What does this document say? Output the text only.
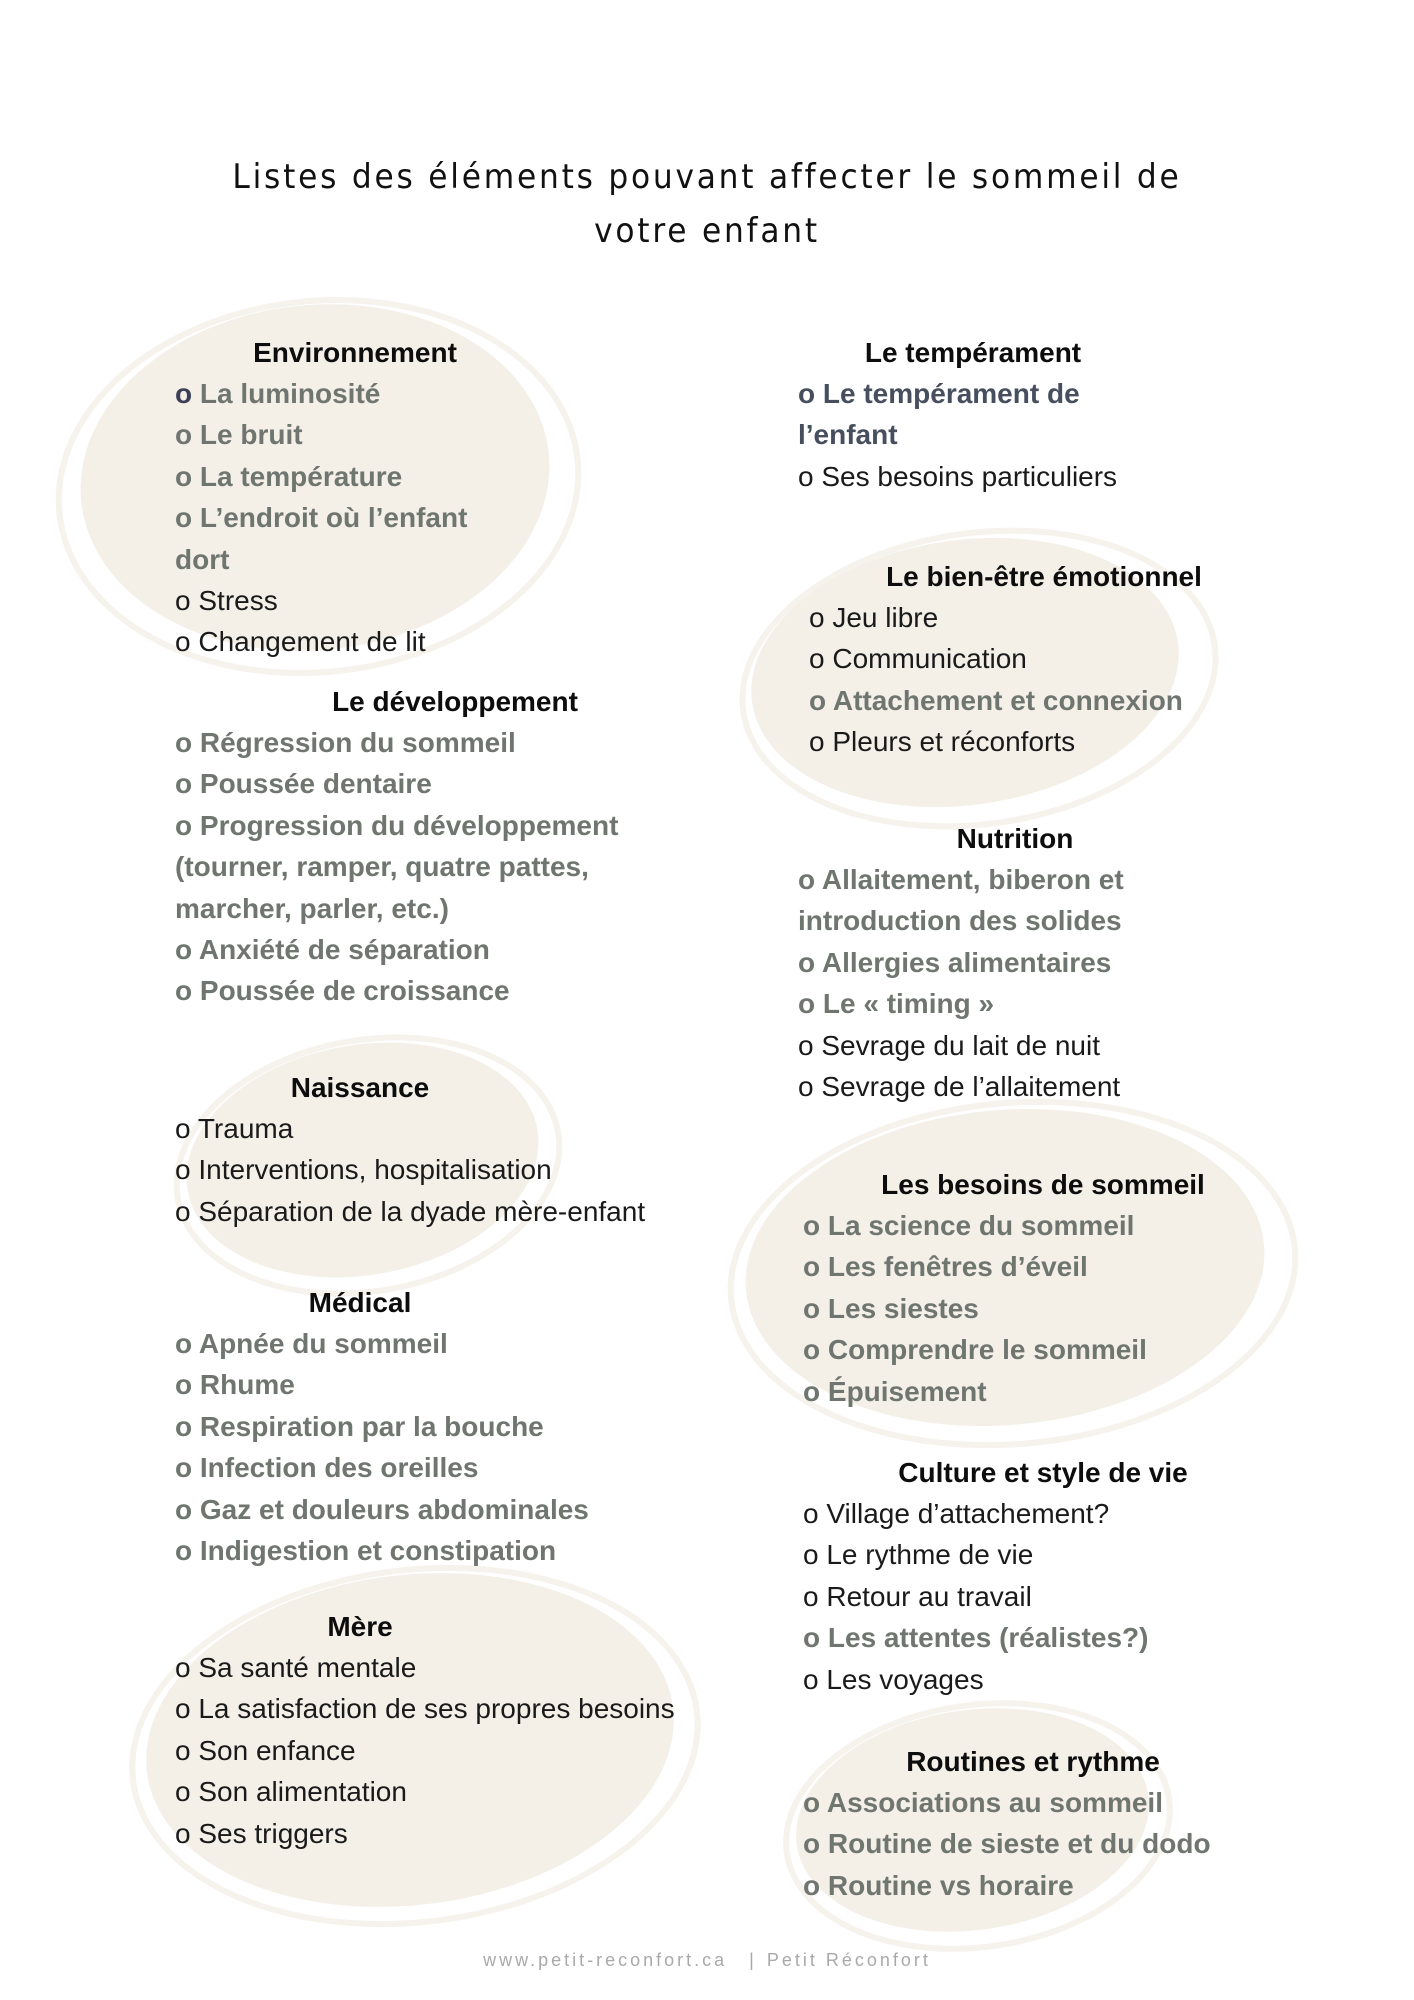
Listes des éléments pouvant affecter le sommeil de
votre enfant
Environnement
o La luminosité
o Le bruit
o La température
o L’endroit où l’enfant
dort
o Stress
o Changement de lit
Le développement
o Régression du sommeil
o Poussée dentaire
o Progression du développement
(tourner, ramper, quatre pattes,
marcher, parler, etc.)
o Anxiété de séparation
o Poussée de croissance
Naissance
o Trauma
o Interventions, hospitalisation
o Séparation de la dyade mère-enfant
Médical
o Apnée du sommeil
o Rhume
o Respiration par la bouche
o Infection des oreilles
o Gaz et douleurs abdominales
o Indigestion et constipation
Mère
o Sa santé mentale
o La satisfaction de ses propres besoins
o Son enfance
o Son alimentation
o Ses triggers
Le tempérament
o Le tempérament de
l’enfant
o Ses besoins particuliers
Le bien-être émotionnel
o Jeu libre
o Communication
o Attachement et connexion
o Pleurs et réconforts
Nutrition
o Allaitement, biberon et
introduction des solides
o Allergies alimentaires
o Le « timing »
o Sevrage du lait de nuit
o Sevrage de l’allaitement
Les besoins de sommeil
o La science du sommeil
o Les fenêtres d’éveil
o Les siestes
o Comprendre le sommeil
o Épuisement
Culture et style de vie
o Village d’attachement?
o Le rythme de vie
o Retour au travail
o Les attentes (réalistes?)
o Les voyages
Routines et rythme
o Associations au sommeil
o Routine de sieste et du dodo
o Routine vs horaire
www.petit-reconfort.ca | Petit Réconfort
